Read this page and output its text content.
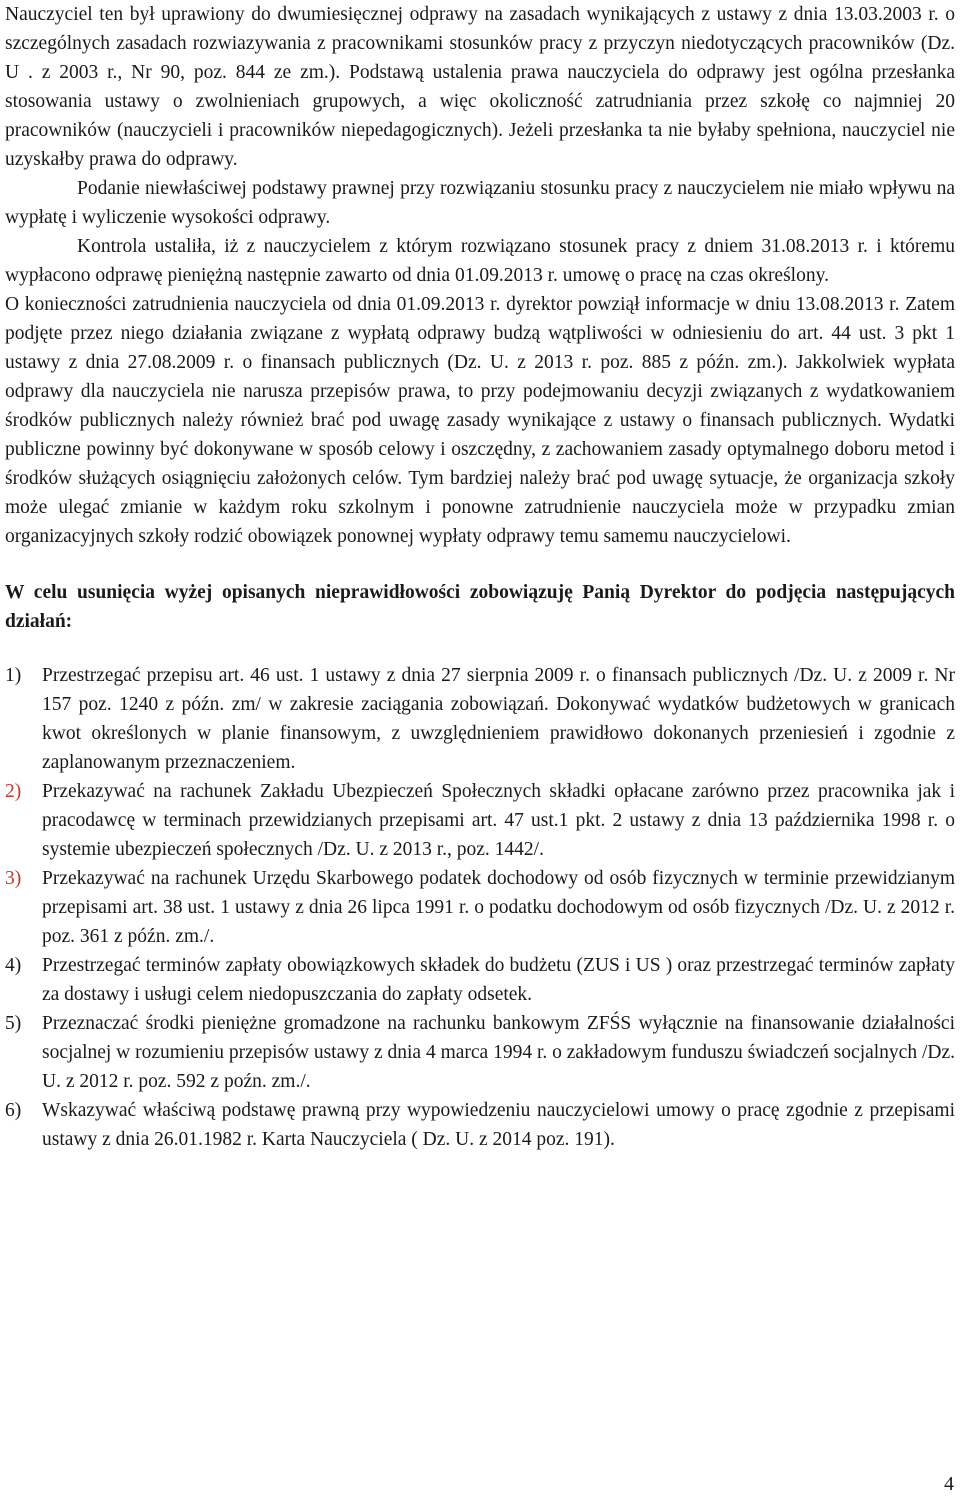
Nauczyciel ten był uprawiony do dwumiesięcznej odprawy na zasadach wynikających z ustawy z dnia 13.03.2003 r. o szczególnych zasadach rozwiazywania z pracownikami stosunków pracy z przyczyn niedotyczących pracowników (Dz. U . z 2003 r., Nr 90, poz. 844 ze zm.). Podstawą ustalenia prawa nauczyciela do odprawy jest ogólna przesłanka stosowania ustawy o zwolnieniach grupowych, a więc okoliczność zatrudniania przez szkołę co najmniej 20 pracowników (nauczycieli i pracowników niepedagogicznych). Jeżeli przesłanka ta nie byłaby spełniona, nauczyciel nie uzyskałby prawa do odprawy.

Podanie niewłaściwej podstawy prawnej przy rozwiązaniu stosunku pracy z nauczycielem nie miało wpływu na wypłatę i wyliczenie wysokości odprawy.

Kontrola ustaliła, iż z nauczycielem z którym rozwiązano stosunek pracy z dniem 31.08.2013 r. i któremu wypłacono odprawę pieniężną następnie zawarto od dnia 01.09.2013 r. umowę o pracę na czas określony.

O konieczności zatrudnienia nauczyciela od dnia 01.09.2013 r. dyrektor powziął informacje w dniu 13.08.2013 r. Zatem podjęte przez niego działania związane z wypłatą odprawy budzą wątpliwości w odniesieniu do art. 44 ust. 3 pkt 1 ustawy z dnia 27.08.2009 r. o finansach publicznych (Dz. U. z 2013 r. poz. 885 z późn. zm.). Jakkolwiek wypłata odprawy dla nauczyciela nie narusza przepisów prawa, to przy podejmowaniu decyzji związanych z wydatkowaniem środków publicznych należy również brać pod uwagę zasady wynikające z ustawy o finansach publicznych. Wydatki publiczne powinny być dokonywane w sposób celowy i oszczędny, z zachowaniem zasady optymalnego doboru metod i środków służących osiągnięciu założonych celów. Tym bardziej należy brać pod uwagę sytuacje, że organizacja szkoły może ulegać zmianie w każdym roku szkolnym i ponowne zatrudnienie nauczyciela może w przypadku zmian organizacyjnych szkoły rodzić obowiązek ponownej wypłaty odprawy temu samemu nauczycielowi.

W celu usunięcia wyżej opisanych nieprawidłowości zobowiązuję Panią Dyrektor do podjęcia następujących działań:

1) Przestrzegać przepisu art. 46 ust. 1 ustawy z dnia 27 sierpnia 2009 r. o finansach publicznych /Dz. U. z 2009 r. Nr 157 poz. 1240 z późn. zm/ w zakresie zaciągania zobowiązań. Dokonywać wydatków budżetowych w granicach kwot określonych w planie finansowym, z uwzględnieniem prawidłowo dokonanych przeniesień i zgodnie z zaplanowanym przeznaczeniem.
2) Przekazywać na rachunek Zakładu Ubezpieczeń Społecznych składki opłacane zarówno przez pracownika jak i pracodawcę w terminach przewidzianych przepisami art. 47 ust.1 pkt. 2 ustawy z dnia 13 października 1998 r. o systemie ubezpieczeń społecznych /Dz. U. z 2013 r., poz. 1442/.
3) Przekazywać na rachunek Urzędu Skarbowego podatek dochodowy od osób fizycznych w terminie przewidzianym przepisami art. 38 ust. 1 ustawy z dnia 26 lipca 1991 r. o podatku dochodowym od osób fizycznych /Dz. U. z 2012 r. poz. 361 z późn. zm./.
4) Przestrzegać terminów zapłaty obowiązkowych składek do budżetu (ZUS i US ) oraz przestrzegać terminów zapłaty za dostawy i usługi celem niedopuszczania do zapłaty odsetek.
5) Przeznaczać środki pieniężne gromadzone na rachunku bankowym ZFŚS wyłącznie na finansowanie działalności socjalnej w rozumieniu przepisów ustawy z dnia 4 marca 1994 r. o zakładowym funduszu świadczeń socjalnych /Dz. U. z 2012 r. poz. 592 z poźn. zm./.
6) Wskazywać właściwą podstawę prawną przy wypowiedzeniu nauczycielowi umowy o pracę zgodnie z przepisami ustawy z dnia 26.01.1982 r. Karta Nauczyciela ( Dz. U. z 2014 poz. 191).
4
